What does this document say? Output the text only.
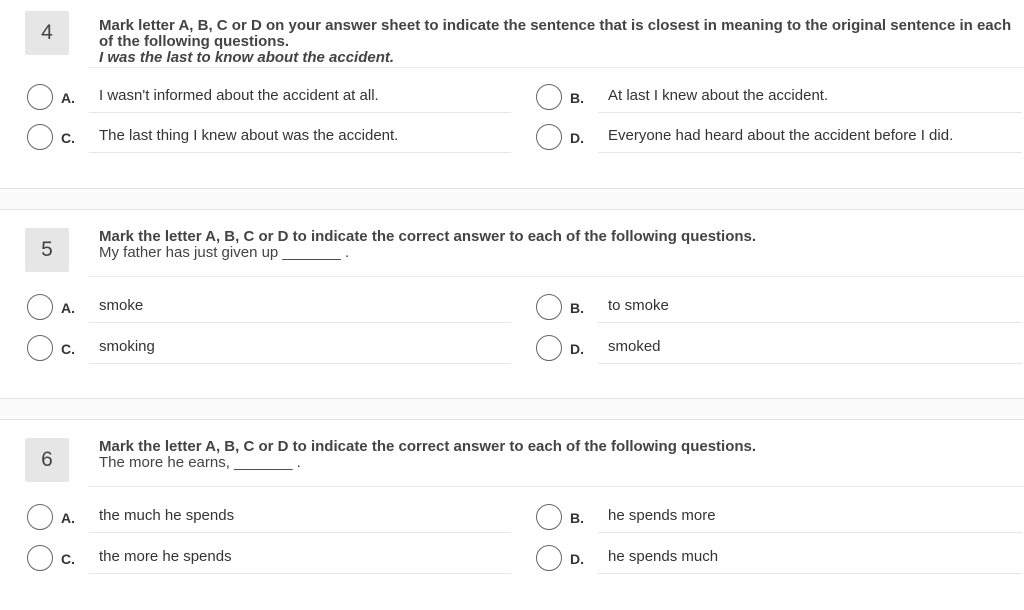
4	Mark letter A, B, C or D on your answer sheet to indicate the sentence that is closest in meaning to the original sentence in each of the following questions.
I was the last to know about the accident.
A. I wasn't informed about the accident at all.	B. At last I knew about the accident.
C. The last thing I knew about was the accident.	D. Everyone had heard about the accident before I did.
5
Mark the letter A, B, C or D to indicate the correct answer to each of the following questions.
My father has just given up _______ .
A. smoke	B. to smoke
C. smoking	D. smoked
6
Mark the letter A, B, C or D to indicate the correct answer to each of the following questions.
The more he earns, _______ .
A. the much he spends	B. he spends more
C. the more he spends	D. he spends much
